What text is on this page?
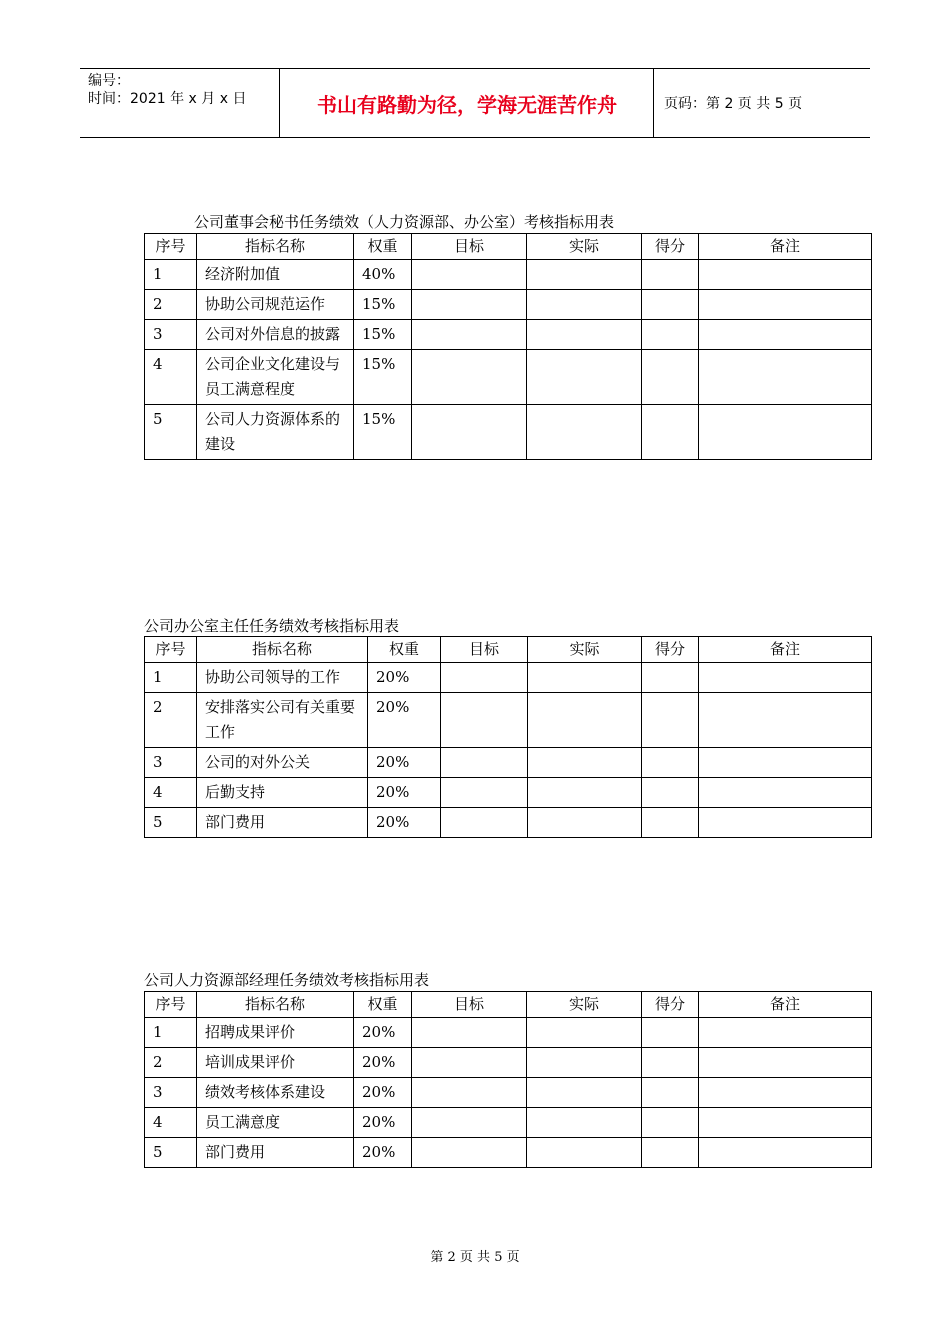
编号：
时间：2021 年 x 月 x 日	书山有路勤为径，学海无涯苦作舟	页码：第 2 页 共 5 页
公司董事会秘书任务绩效（人力资源部、办公室）考核指标用表
序号	指标名称	权重	目标	实际	得分	备注
1	经济附加值	40%				
2	协助公司规范运作	15%				
3	公司对外信息的披露	15%				
4	公司企业文化建设与员工满意程度	15%				
5	公司人力资源体系的建设	15%				
公司办公室主任任务绩效考核指标用表
序号	指标名称	权重	目标	实际	得分	备注
1	协助公司领导的工作	20%				
2	安排落实公司有关重要工作	20%				
3	公司的对外公关	20%				
4	后勤支持	20%				
5	部门费用	20%				
公司人力资源部经理任务绩效考核指标用表
序号	指标名称	权重	目标	实际	得分	备注
1	招聘成果评价	20%				
2	培训成果评价	20%				
3	绩效考核体系建设	20%				
4	员工满意度	20%				
5	部门费用	20%				
第 2 页 共 5 页
